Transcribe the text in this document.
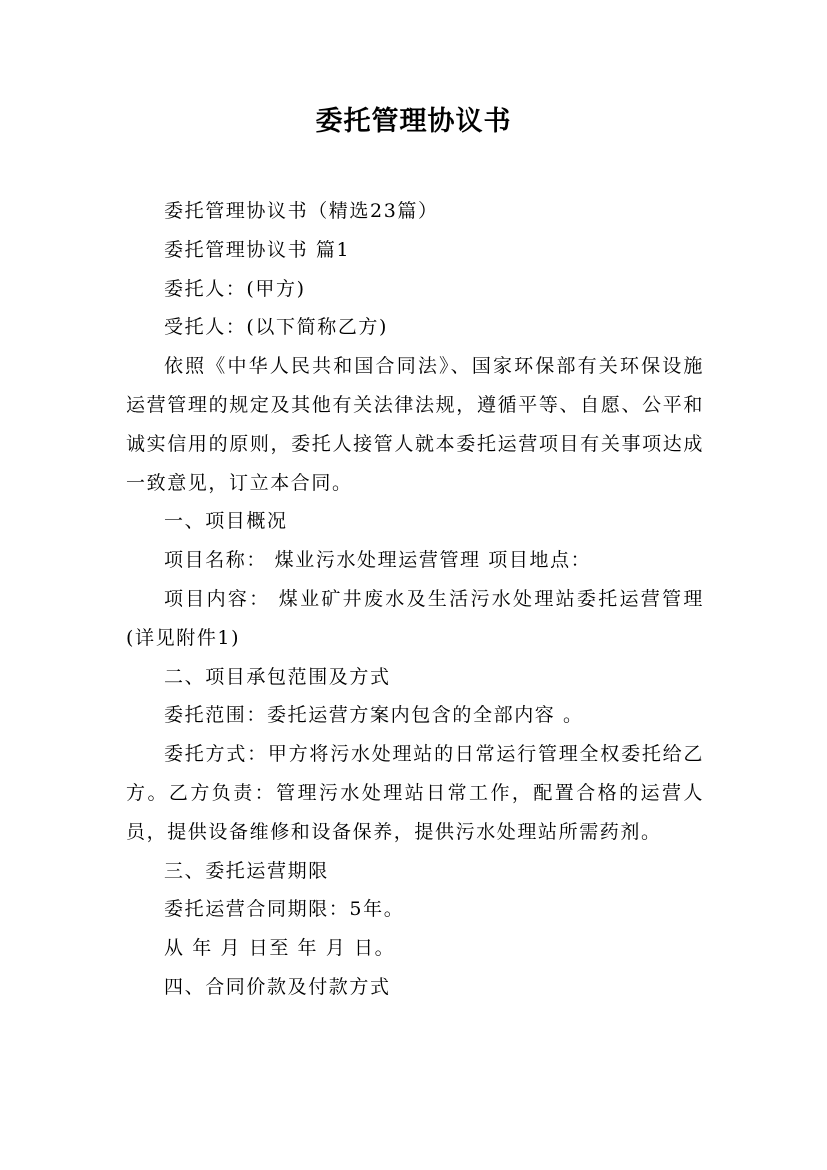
委托管理协议书

委托管理协议书（精选23篇）

委托管理协议书 篇1

委托人：(甲方)

受托人：(以下简称乙方)

依照《中华人民共和国合同法》、国家环保部有关环保设施运营管理的规定及其他有关法律法规，遵循平等、自愿、公平和诚实信用的原则，委托人接管人就本委托运营项目有关事项达成一致意见，订立本合同。

一、项目概况

项目名称： 煤业污水处理运营管理 项目地点：

项目内容： 煤业矿井废水及生活污水处理站委托运营管理(详见附件1)

二、项目承包范围及方式

委托范围：委托运营方案内包含的全部内容 。

委托方式：甲方将污水处理站的日常运行管理全权委托给乙方。乙方负责：管理污水处理站日常工作，配置合格的运营人员，提供设备维修和设备保养，提供污水处理站所需药剂。

三、委托运营期限

委托运营合同期限：5年。

从 年 月 日至 年 月 日。

四、合同价款及付款方式
